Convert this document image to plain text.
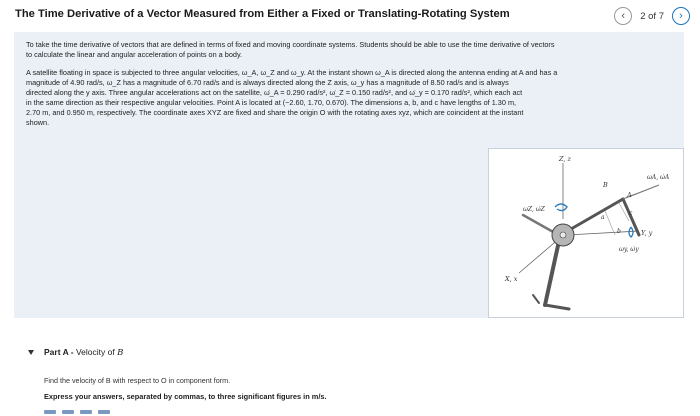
The Time Derivative of a Vector Measured from Either a Fixed or Translating-Rotating System	‹ 2 of 7 ›
To take the time derivative of vectors that are defined in terms of fixed and moving coordinate systems. Students should be able to use the time derivative of vectors
to calculate the linear and angular acceleration of points on a body.
A satellite floating in space is subjected to three angular velocities, ω_A, ω_Z and ω_y. At the instant shown ω_A is directed along the antenna ending at A and has a
magnitude of 4.90 rad/s, ω_Z has a magnitude of 6.70 rad/s and is always directed along the Z axis, ω_y has a magnitude of 8.50 rad/s and is always
directed along the y axis. Three angular accelerations act on the satellite, ω̇_A = 0.290 rad/s², ω̇_Z = 0.150 rad/s², and ω̇_y = 0.170 rad/s², which each act
in the same direction as their respective angular velocities. Point A is located at (−2.60, 1.70, 0.670). The dimensions a, b, and c have lengths of 1.30 m,
2.70 m, and 0.950 m, respectively. The coordinate axes XYZ are fixed and share the origin O with the rotating axes xyz, which are coincident at the instant
shown.
Z, z
ωZ, ω̇Z
ωA, ω̇A
B
A
c
a
b	Y, y
ωy, ω̇y
X, x
Part A - Velocity of B
Find the velocity of B with respect to O in component form.
Express your answers, separated by commas, to three significant figures in m/s.
